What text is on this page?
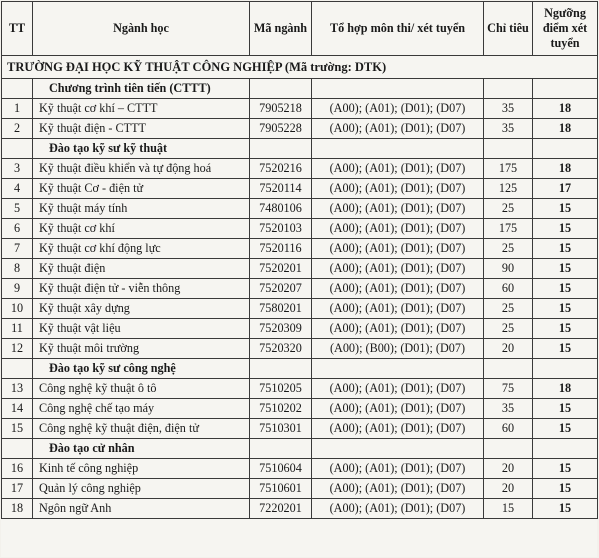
TT	Ngành học	Mã ngành	Tổ hợp môn thi/ xét tuyển	Chỉ tiêu	Ngưỡng điểm xét tuyển
TRƯỜNG ĐẠI HỌC KỸ THUẬT CÔNG NGHIỆP (Mã trường: DTK)					
	Chương trình tiên tiến (CTTT)				
1	Kỹ thuật cơ khí – CTTT	7905218	(A00); (A01); (D01); (D07)	35	18
2	Kỹ thuật điện - CTTT	7905228	(A00); (A01); (D01); (D07)	35	18
	Đào tạo kỹ sư kỹ thuật				
3	Kỹ thuật điều khiển và tự động hoá	7520216	(A00); (A01); (D01); (D07)	175	18
4	Kỹ thuật Cơ - điện tử	7520114	(A00); (A01); (D01); (D07)	125	17
5	Kỹ thuật máy tính	7480106	(A00); (A01); (D01); (D07)	25	15
6	Kỹ thuật cơ khí	7520103	(A00); (A01); (D01); (D07)	175	15
7	Kỹ thuật cơ khí động lực	7520116	(A00); (A01); (D01); (D07)	25	15
8	Kỹ thuật điện	7520201	(A00); (A01); (D01); (D07)	90	15
9	Kỹ thuật điện tử - viễn thông	7520207	(A00); (A01); (D01); (D07)	60	15
10	Kỹ thuật xây dựng	7580201	(A00); (A01); (D01); (D07)	25	15
11	Kỹ thuật vật liệu	7520309	(A00); (A01); (D01); (D07)	25	15
12	Kỹ thuật môi trường	7520320	(A00); (B00); (D01); (D07)	20	15
	Đào tạo kỹ sư công nghệ				
13	Công nghệ kỹ thuật ô tô	7510205	(A00); (A01); (D01); (D07)	75	18
14	Công nghệ chế tạo máy	7510202	(A00); (A01); (D01); (D07)	35	15
15	Công nghệ kỹ thuật điện, điện tử	7510301	(A00); (A01); (D01); (D07)	60	15
	Đào tạo cử nhân				
16	Kinh tế công nghiệp	7510604	(A00); (A01); (D01); (D07)	20	15
17	Quản lý công nghiệp	7510601	(A00); (A01); (D01); (D07)	20	15
18	Ngôn ngữ Anh	7220201	(A00); (A01); (D01); (D07)	15	15
